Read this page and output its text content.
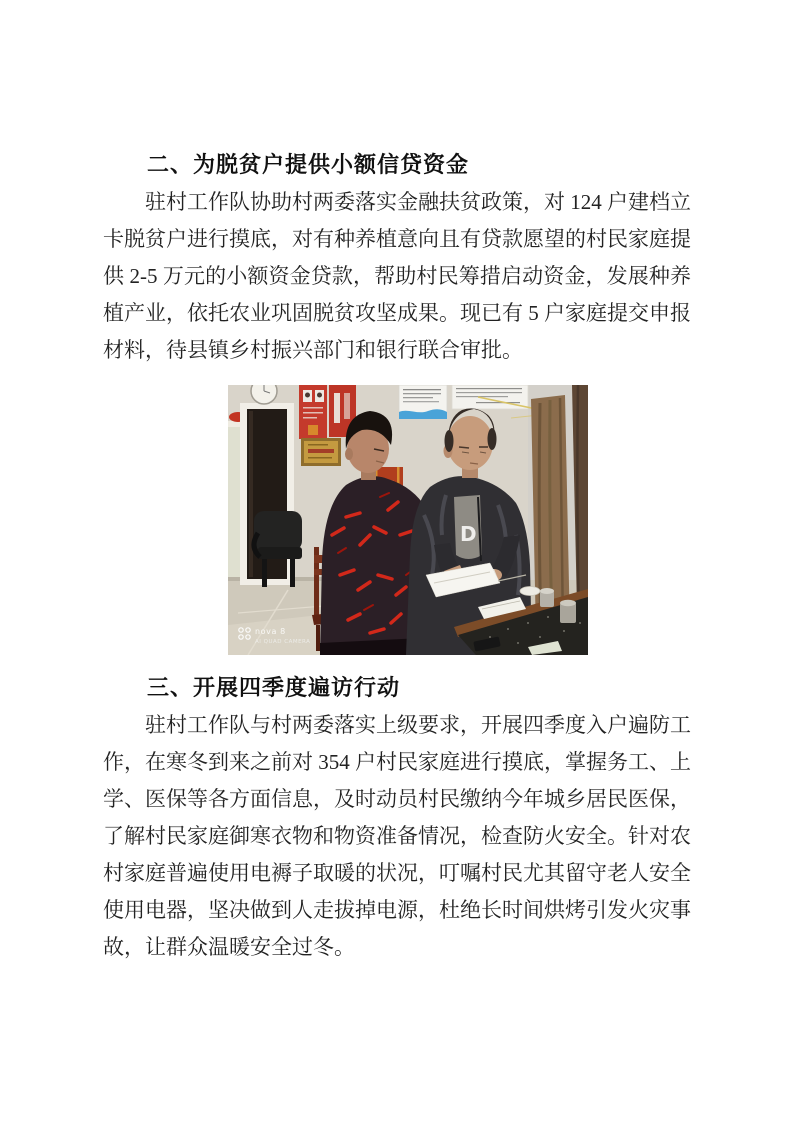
二、为脱贫户提供小额信贷资金

驻村工作队协助村两委落实金融扶贫政策，对 124 户建档立卡脱贫户进行摸底，对有种养植意向且有贷款愿望的村民家庭提供 2-5 万元的小额资金贷款，帮助村民筹措启动资金，发展种养植产业，依托农业巩固脱贫攻坚成果。现已有 5 户家庭提交申报材料，待县镇乡村振兴部门和银行联合审批。

D
nova 8
AI QUAD CAMERA
三、开展四季度遍访行动

驻村工作队与村两委落实上级要求，开展四季度入户遍防工作，在寒冬到来之前对 354 户村民家庭进行摸底，掌握务工、上学、医保等各方面信息，及时动员村民缴纳今年城乡居民医保，了解村民家庭御寒衣物和物资准备情况，检查防火安全。针对农村家庭普遍使用电褥子取暖的状况，叮嘱村民尤其留守老人安全使用电器，坚决做到人走拔掉电源，杜绝长时间烘烤引发火灾事故，让群众温暖安全过冬。
